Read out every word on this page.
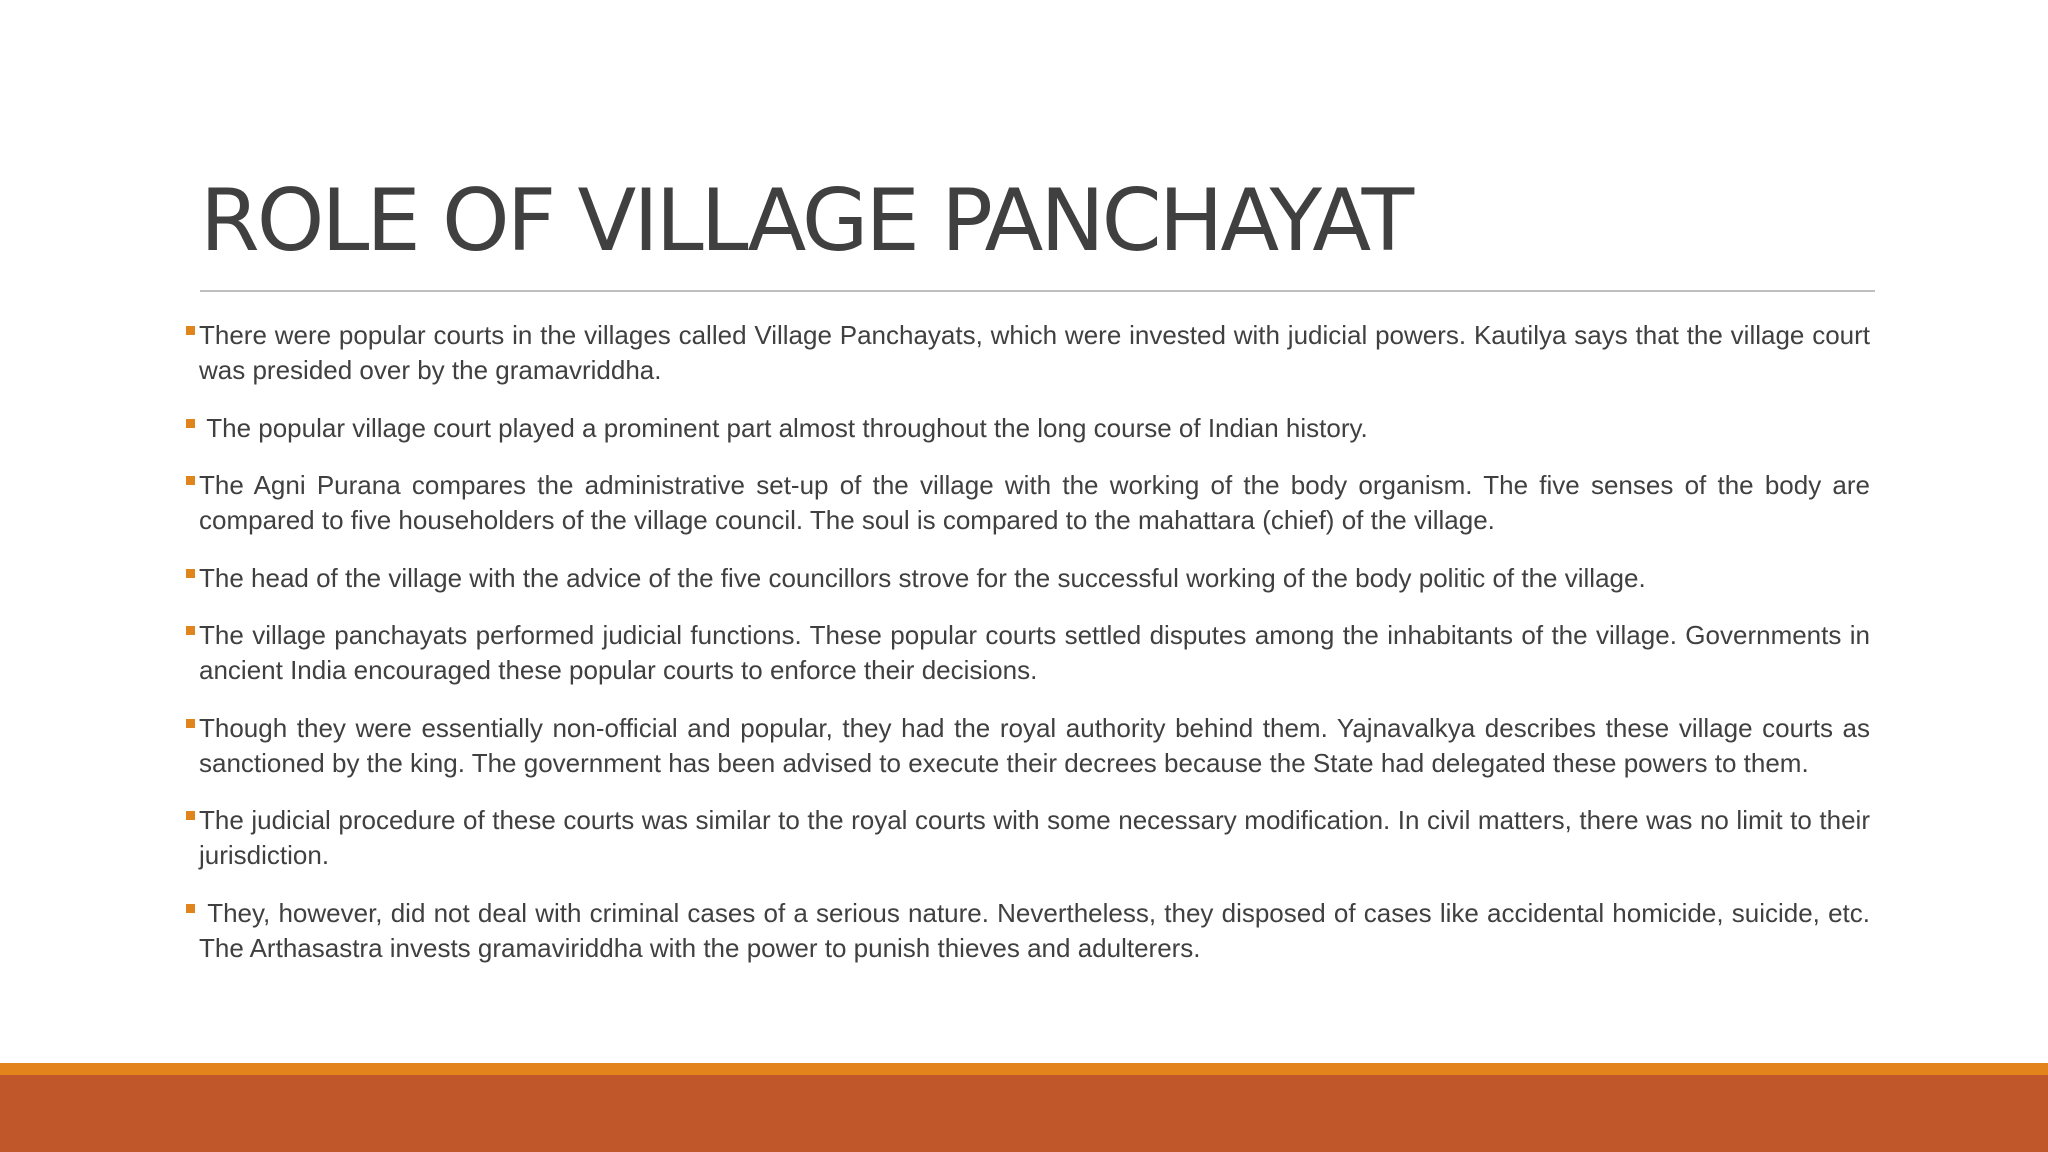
ROLE OF VILLAGE PANCHAYAT
There were popular courts in the villages called Village Panchayats, which were invested with judicial powers. Kautilya says that the village court was presided over by the gramavriddha.
The popular village court played a prominent part almost throughout the long course of Indian history.
The Agni Purana compares the administrative set-up of the village with the working of the body organism. The five senses of the body are compared to five householders of the village council. The soul is compared to the mahattara (chief) of the village.
The head of the village with the advice of the five councillors strove for the successful working of the body politic of the village.
The village panchayats performed judicial functions. These popular courts settled disputes among the inhabitants of the village. Governments in ancient India encouraged these popular courts to enforce their decisions.
Though they were essentially non-official and popular, they had the royal authority behind them. Yajnavalkya describes these village courts as sanctioned by the king. The government has been advised to execute their decrees because the State had delegated these powers to them.
The judicial procedure of these courts was similar to the royal courts with some necessary modification. In civil matters, there was no limit to their jurisdiction.
They, however, did not deal with criminal cases of a serious nature. Nevertheless, they disposed of cases like accidental homicide, suicide, etc. The Arthasastra invests gramaviriddha with the power to punish thieves and adulterers.
